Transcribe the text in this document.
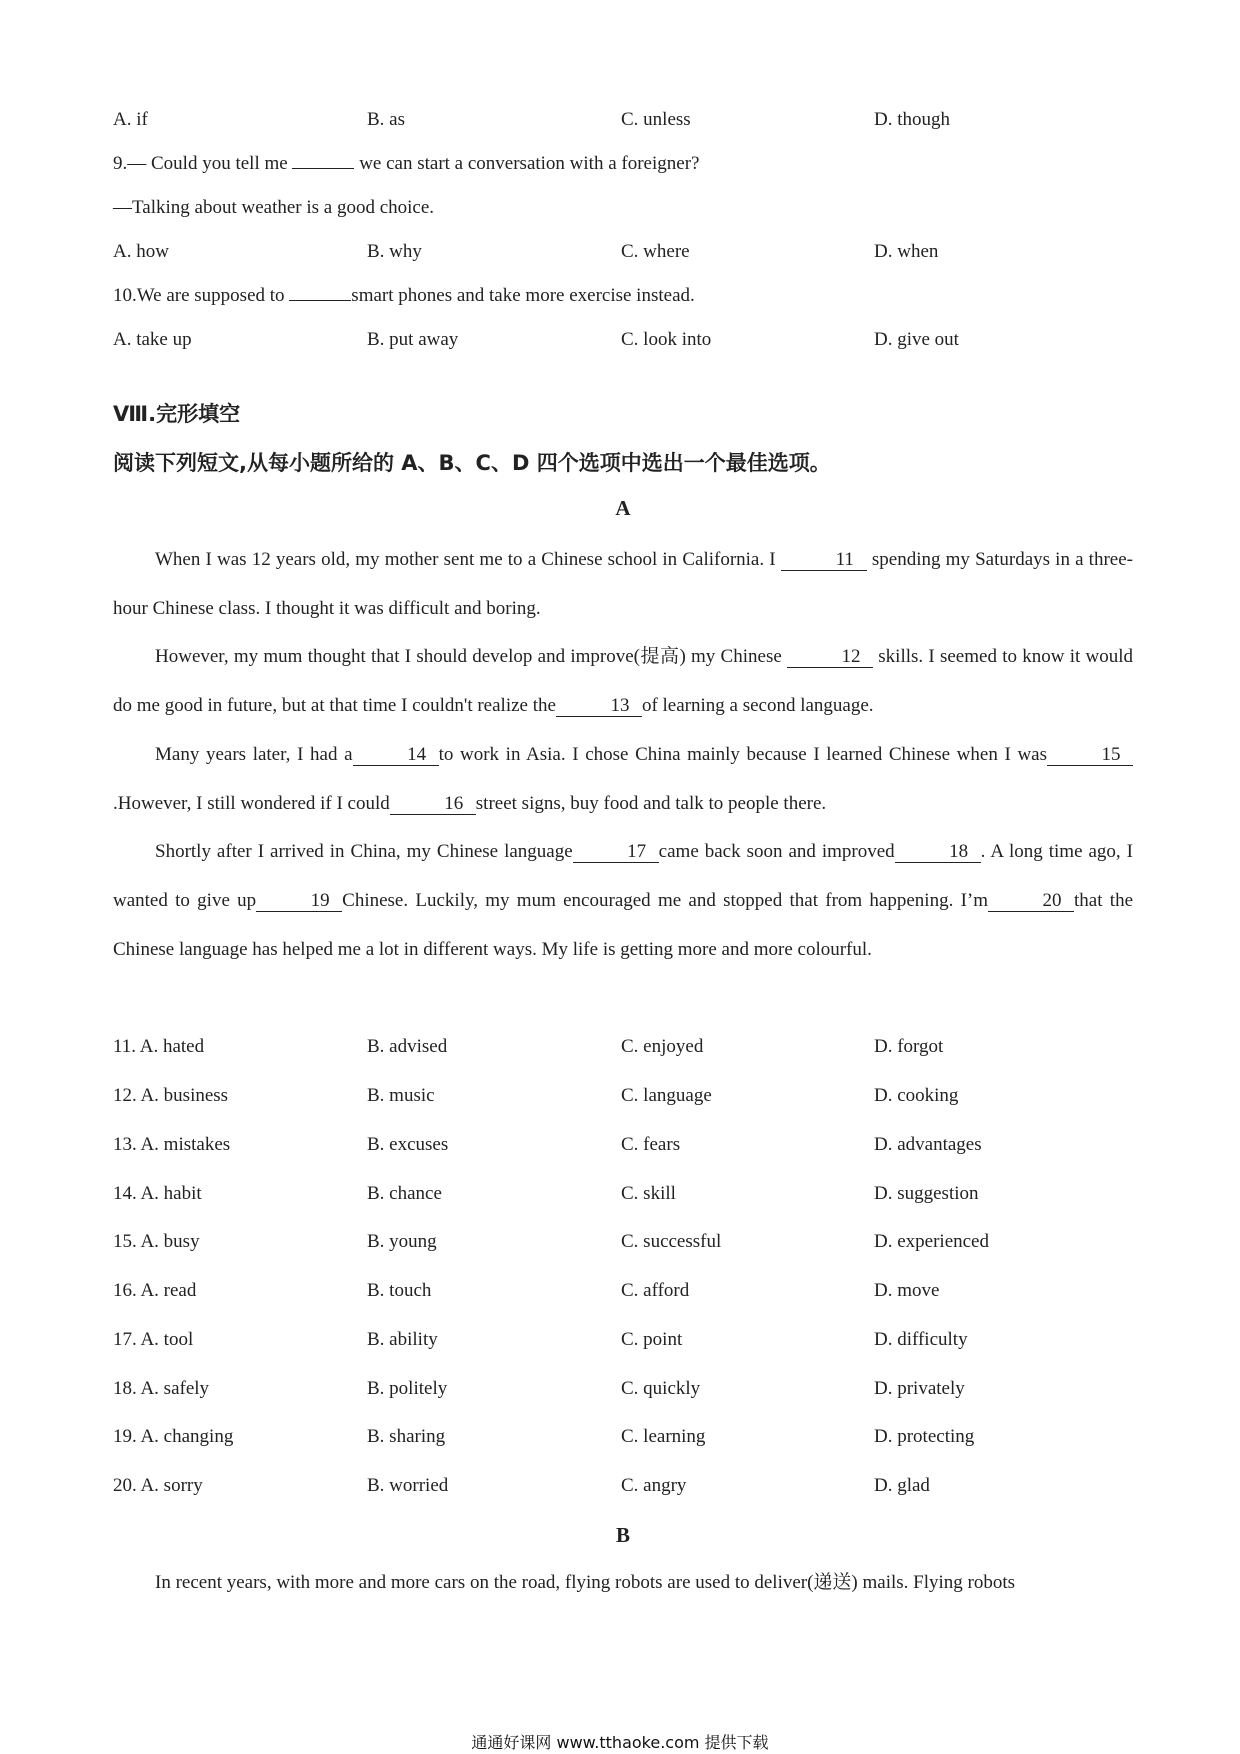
A. if	B. as	C. unless	D. though
9.— Could you tell me	we can start a conversation with a foreigner?
—Talking about weather is a good choice.
A. how	B. why	C. where	D. when
10.We are supposed to	smart phones and take more exercise instead.
A. take up	B. put away	C. look into	D. give out
Ⅷ.完形填空
阅读下列短文,从每小题所给的 A、B、C、D 四个选项中选出一个最佳选项。
A

When I was 12 years old, my mother sent me to a Chinese school in California. I	11 spending my Saturdays in a three-hour Chinese class. I thought it was difficult and boring.

However, my mum thought that I should develop and improve(提高) my Chinese	12 skills. I seemed to know it would do me good in future, but at that time I couldn't realize the	13 of learning a second language.

Many years later, I had a	14 to work in Asia. I chose China mainly because I learned Chinese when I was	15.However, I still wondered if I could	16 street signs, buy food and talk to people there.

Shortly after I arrived in China, my Chinese language	17 came back soon and improved	18 . A long time ago, I wanted to give up	19 Chinese. Luckily, my mum encouraged me and stopped that from happening. I’m	20 that the Chinese language has helped me a lot in different ways. My life is getting more and more colourful.

11. A. hated	B. advised	C. enjoyed	D. forgot
12. A. business	B. music	C. language	D. cooking
13. A. mistakes	B. excuses	C. fears	D. advantages
14. A. habit	B. chance	C. skill	D. suggestion
15. A. busy	B. young	C. successful	D. experienced
16. A. read	B. touch	C. afford	D. move
17. A. tool	B. ability	C. point	D. difficulty
18. A. safely	B. politely	C. quickly	D. privately
19. A. changing	B. sharing	C. learning	D. protecting
20. A. sorry	B. worried	C. angry	D. glad
B
In recent years, with more and more cars on the road, flying robots are used to deliver(递送) mails. Flying robots
通通好课网 www.tthaoke.com 提供下载
